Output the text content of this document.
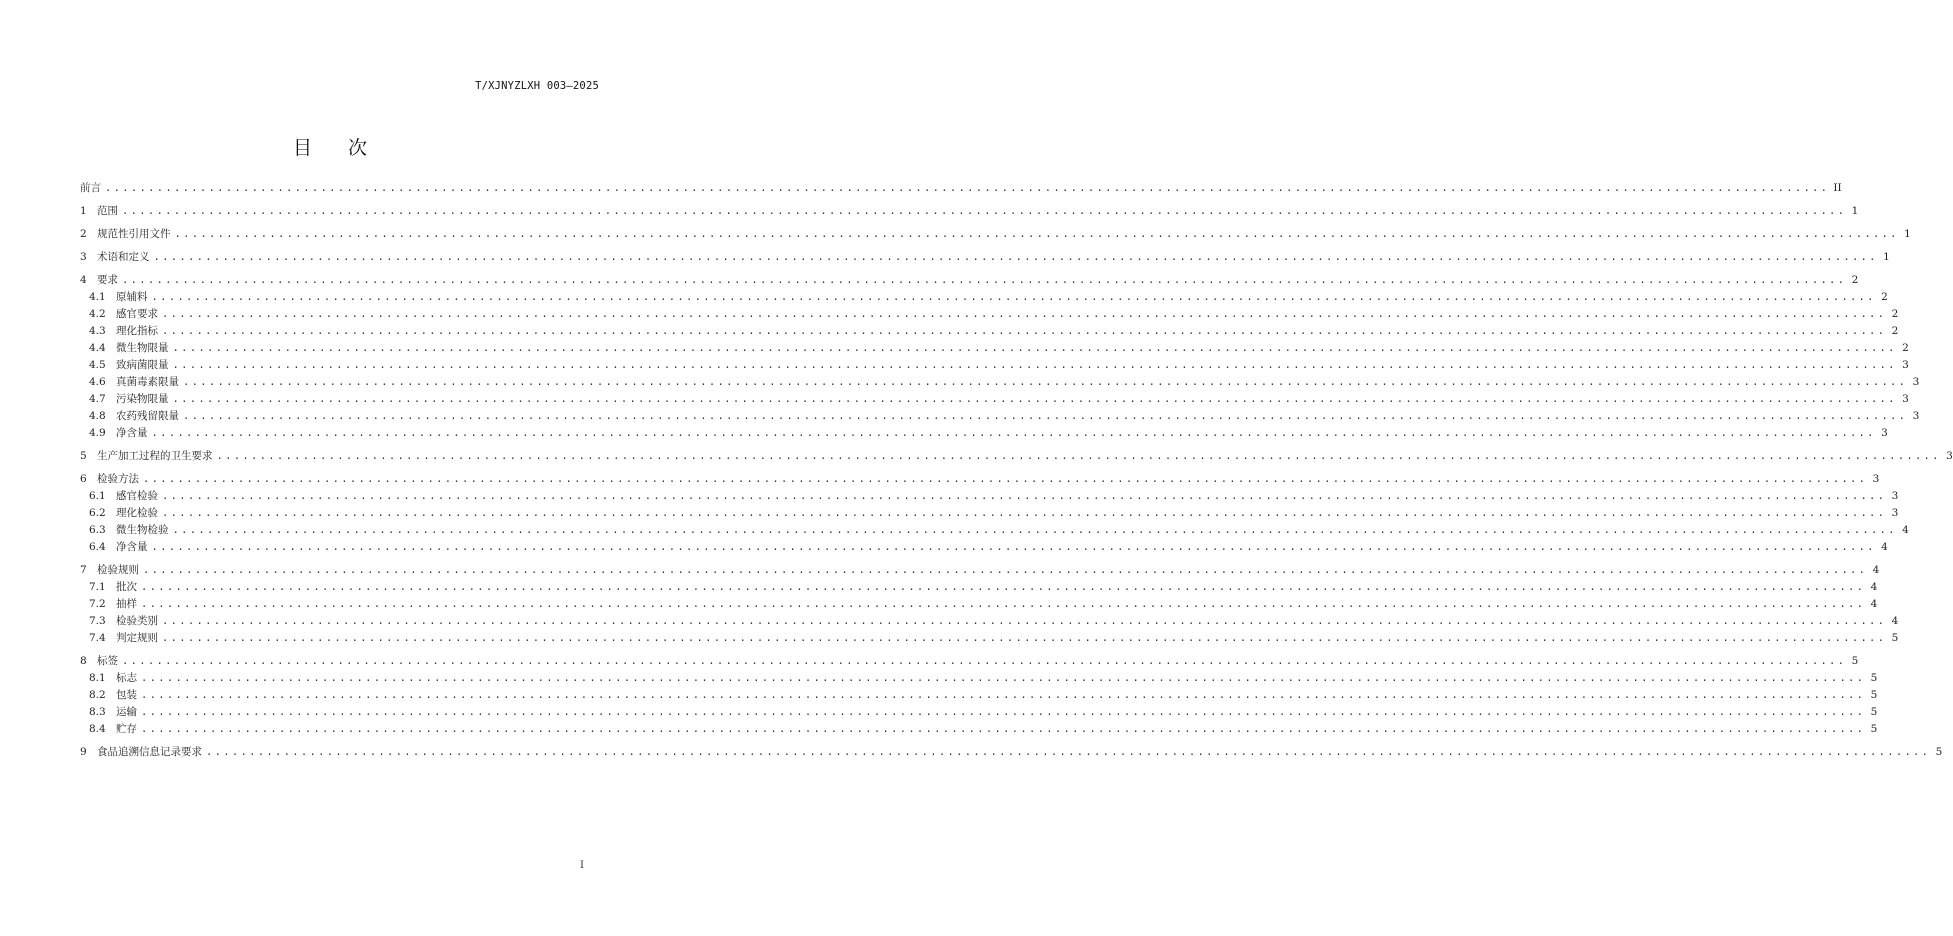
T/XJNYZLXH 003—2025
目 次
前言 ........................................................................................................................................................................................................ II
1 范围 ........................................................................................................................................................................................................ 1
2 规范性引用文件 ........................................................................................................................................................................................................ 1
3 术语和定义 ........................................................................................................................................................................................................ 1
4 要求 ........................................................................................................................................................................................................ 2
4.1 原辅料 ........................................................................................................................................................................................................ 2
4.2 感官要求 ........................................................................................................................................................................................................ 2
4.3 理化指标 ........................................................................................................................................................................................................ 2
4.4 微生物限量 ........................................................................................................................................................................................................ 2
4.5 致病菌限量 ........................................................................................................................................................................................................ 3
4.6 真菌毒素限量 ........................................................................................................................................................................................................ 3
4.7 污染物限量 ........................................................................................................................................................................................................ 3
4.8 农药残留限量 ........................................................................................................................................................................................................ 3
4.9 净含量 ........................................................................................................................................................................................................ 3
5 生产加工过程的卫生要求 ........................................................................................................................................................................................................ 3
6 检验方法 ........................................................................................................................................................................................................ 3
6.1 感官检验 ........................................................................................................................................................................................................ 3
6.2 理化检验 ........................................................................................................................................................................................................ 3
6.3 微生物检验 ........................................................................................................................................................................................................ 4
6.4 净含量 ........................................................................................................................................................................................................ 4
7 检验规则 ........................................................................................................................................................................................................ 4
7.1 批次 ........................................................................................................................................................................................................ 4
7.2 抽样 ........................................................................................................................................................................................................ 4
7.3 检验类别 ........................................................................................................................................................................................................ 4
7.4 判定规则 ........................................................................................................................................................................................................ 5
8 标签 ........................................................................................................................................................................................................ 5
8.1 标志 ........................................................................................................................................................................................................ 5
8.2 包装 ........................................................................................................................................................................................................ 5
8.3 运输 ........................................................................................................................................................................................................ 5
8.4 贮存 ........................................................................................................................................................................................................ 5
9 食品追溯信息记录要求 ........................................................................................................................................................................................................ 5
I
